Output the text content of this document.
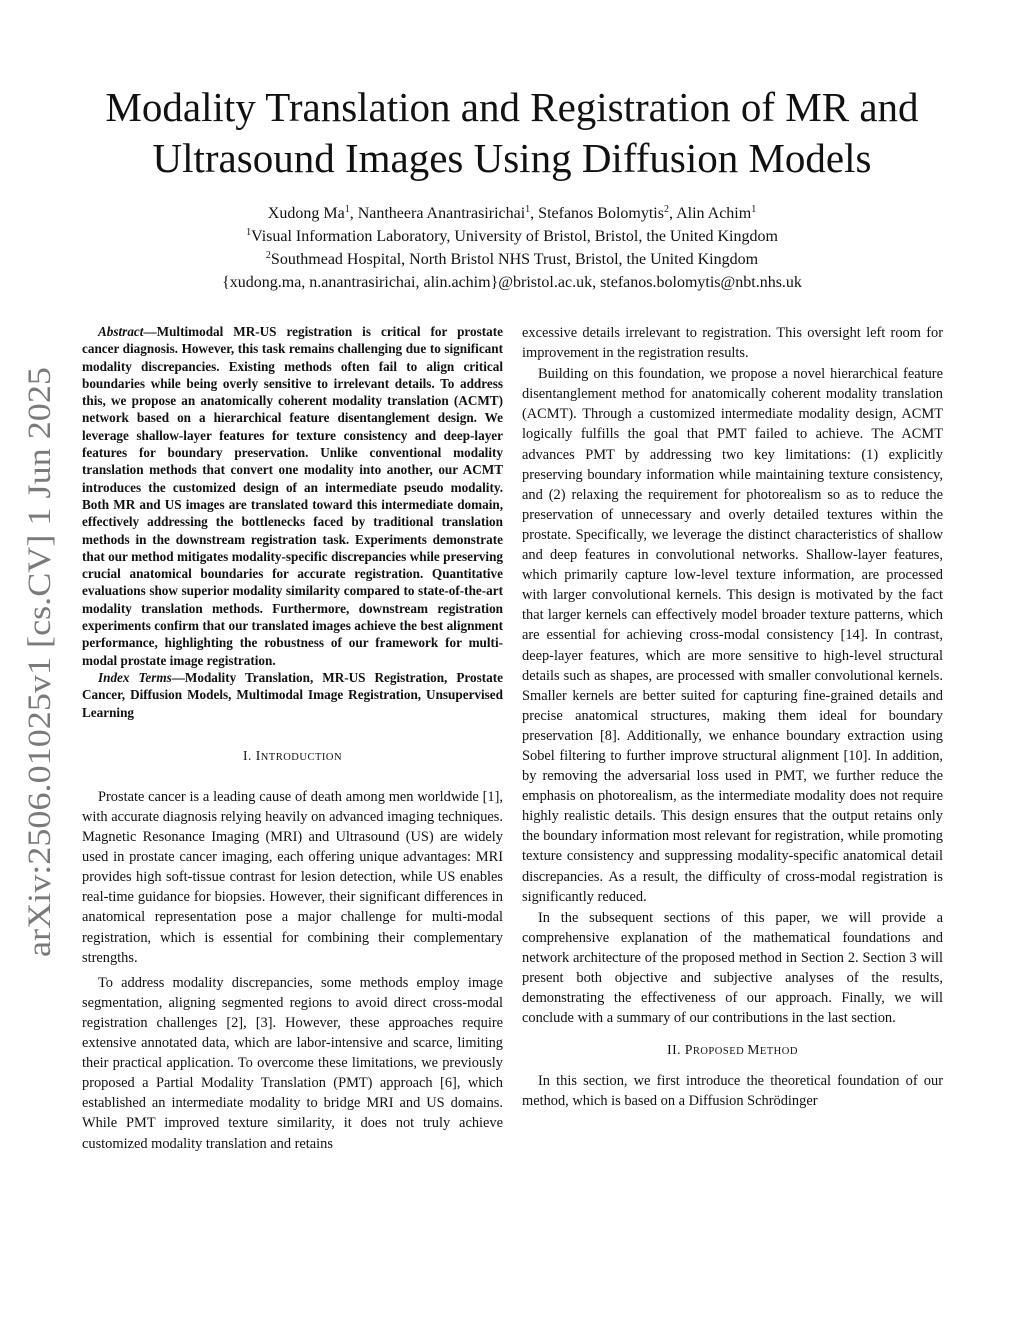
arXiv:2506.01025v1 [cs.CV] 1 Jun 2025
Modality Translation and Registration of MR and
Ultrasound Images Using Diffusion Models
Xudong Ma$^1$, Nantheera Anantrasirichai$^1$, Stefanos Bolomytis$^2$, Alin Achim$^1$
$^1$Visual Information Laboratory, University of Bristol, Bristol, the United Kingdom
$^2$Southmead Hospital, North Bristol NHS Trust, Bristol, the United Kingdom
{xudong.ma, n.anantrasirichai, alin.achim}@bristol.ac.uk, stefanos.bolomytis@nbt.nhs.uk

Abstract—Multimodal MR-US registration is critical for prostate cancer diagnosis. However, this task remains challenging due to significant modality discrepancies. Existing methods often fail to align critical boundaries while being overly sensitive to irrelevant details. To address this, we propose an anatomically coherent modality translation (ACMT) network based on a hierarchical feature disentanglement design. We leverage shallow-layer features for texture consistency and deep-layer features for boundary preservation. Unlike conventional modality translation methods that convert one modality into another, our ACMT introduces the customized design of an intermediate pseudo modality. Both MR and US images are translated toward this intermediate domain, effectively addressing the bottlenecks faced by traditional translation methods in the downstream registration task. Experiments demonstrate that our method mitigates modality-specific discrepancies while preserving crucial anatomical boundaries for accurate registration. Quantitative evaluations show superior modality similarity compared to state-of-the-art modality translation methods. Furthermore, downstream registration experiments confirm that our translated images achieve the best alignment performance, highlighting the robustness of our framework for multi-modal prostate image registration.

Index Terms—Modality Translation, MR-US Registration, Prostate Cancer, Diffusion Models, Multimodal Image Registration, Unsupervised Learning

I. INTRODUCTION

Prostate cancer is a leading cause of death among men worldwide [1], with accurate diagnosis relying heavily on advanced imaging techniques. Magnetic Resonance Imaging (MRI) and Ultrasound (US) are widely used in prostate cancer imaging, each offering unique advantages: MRI provides high soft-tissue contrast for lesion detection, while US enables real-time guidance for biopsies. However, their significant differences in anatomical representation pose a major challenge for multi-modal registration, which is essential for combining their complementary strengths.

To address modality discrepancies, some methods employ image segmentation, aligning segmented regions to avoid direct cross-modal registration challenges [2], [3]. However, these approaches require extensive annotated data, which are labor-intensive and scarce, limiting their practical application. To overcome these limitations, we previously proposed a Partial Modality Translation (PMT) approach [6], which established an intermediate modality to bridge MRI and US domains. While PMT improved texture similarity, it does not truly achieve customized modality translation and retains

excessive details irrelevant to registration. This oversight left room for improvement in the registration results.

Building on this foundation, we propose a novel hierarchical feature disentanglement method for anatomically coherent modality translation (ACMT). Through a customized intermediate modality design, ACMT logically fulfills the goal that PMT failed to achieve. The ACMT advances PMT by addressing two key limitations: (1) explicitly preserving boundary information while maintaining texture consistency, and (2) relaxing the requirement for photorealism so as to reduce the preservation of unnecessary and overly detailed textures within the prostate. Specifically, we leverage the distinct characteristics of shallow and deep features in convolutional networks. Shallow-layer features, which primarily capture low-level texture information, are processed with larger convolutional kernels. This design is motivated by the fact that larger kernels can effectively model broader texture patterns, which are essential for achieving cross-modal consistency [14]. In contrast, deep-layer features, which are more sensitive to high-level structural details such as shapes, are processed with smaller convolutional kernels. Smaller kernels are better suited for capturing fine-grained details and precise anatomical structures, making them ideal for boundary preservation [8]. Additionally, we enhance boundary extraction using Sobel filtering to further improve structural alignment [10]. In addition, by removing the adversarial loss used in PMT, we further reduce the emphasis on photorealism, as the intermediate modality does not require highly realistic details. This design ensures that the output retains only the boundary information most relevant for registration, while promoting texture consistency and suppressing modality-specific anatomical detail discrepancies. As a result, the difficulty of cross-modal registration is significantly reduced.

In the subsequent sections of this paper, we will provide a comprehensive explanation of the mathematical foundations and network architecture of the proposed method in Section 2. Section 3 will present both objective and subjective analyses of the results, demonstrating the effectiveness of our approach. Finally, we will conclude with a summary of our contributions in the last section.

II. PROPOSED METHOD

In this section, we first introduce the theoretical foundation of our method, which is based on a Diffusion Schrödinger
